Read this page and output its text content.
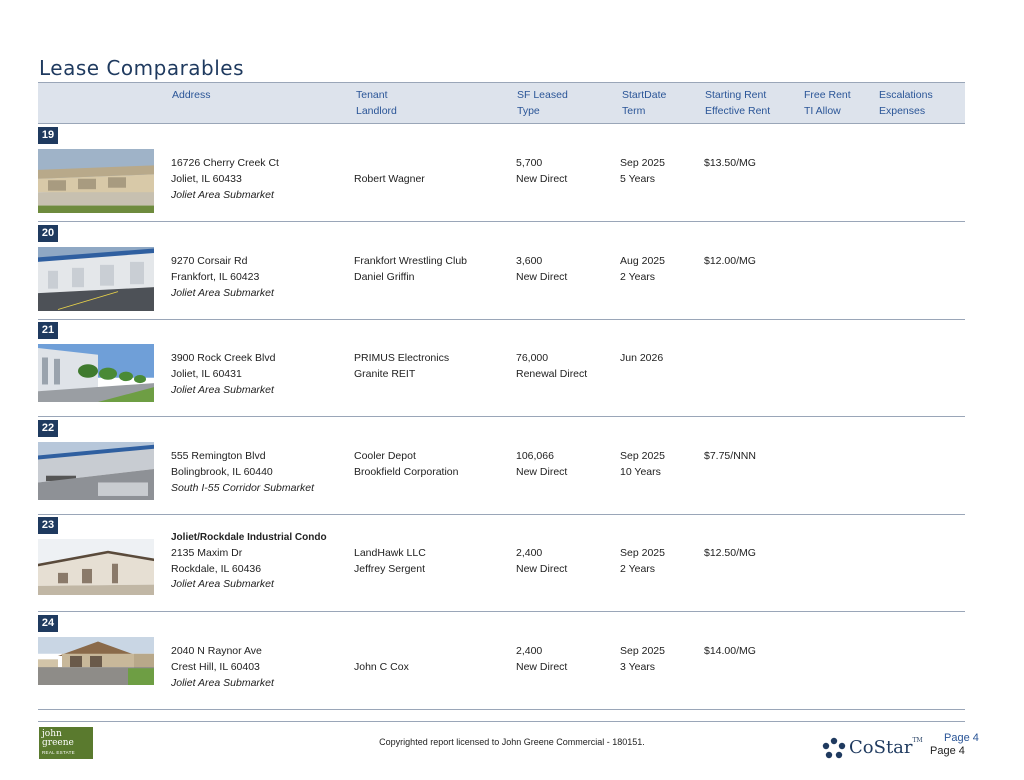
Lease Comparables
Address	Tenant
Landlord
SF Leased
Type
StartDate
Term
Starting Rent
Effective Rent
Free Rent
TI Allow
Escalations
Expenses
19
16726 Cherry Creek Ct
Joliet, IL 60433
Joliet Area Submarket

Robert Wagner
5,700
New Direct
Sep 2025
5 Years
$13.50/MG
20
9270 Corsair Rd
Frankfort, IL 60423
Joliet Area Submarket
Frankfort Wrestling Club
Daniel Griffin
3,600
New Direct
Aug 2025
2 Years
$12.00/MG
21
3900 Rock Creek Blvd
Joliet, IL 60431
Joliet Area Submarket
PRIMUS Electronics
Granite REIT
76,000
Renewal Direct
Jun 2026
22
555 Remington Blvd
Bolingbrook, IL 60440
South I-55 Corridor Submarket
Cooler Depot
Brookfield Corporation
106,066
New Direct
Sep 2025
10 Years
$7.75/NNN
23
Joliet/Rockdale Industrial Condo
2135 Maxim Dr
Rockdale, IL 60436
Joliet Area Submarket
LandHawk LLC
Jeffrey Sergent
2,400
New Direct
Sep 2025
2 Years
$12.50/MG
24
2040 N Raynor Ave
Crest Hill, IL 60403
Joliet Area Submarket

John C Cox
2,400
New Direct
Sep 2025
3 Years
$14.00/MG
john
greene
REAL ESTATE
Copyrighted report licensed to John Greene Commercial - 180151.	CoStar™ Page 4
Page 4
